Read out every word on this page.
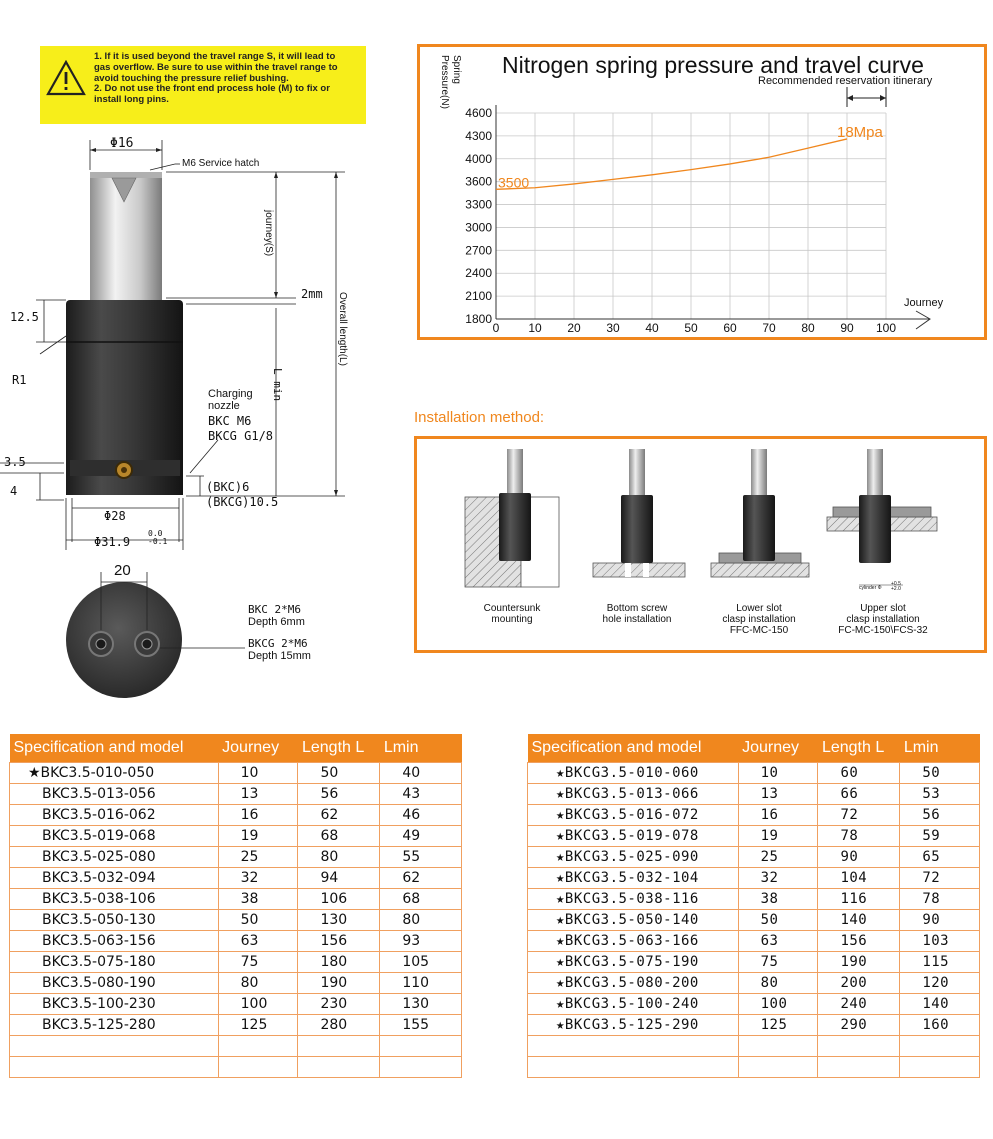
1. If it is used beyond the travel range S, it will lead to
gas overflow. Be sure to use within the travel range to
avoid touching the pressure relief bushing.
2. Do not use the front end process hole (M) to fix or
install long pins.
Φ16
M6 Service hatch
journey(S)
2mm Overall length(L)
L min
12.5
R1
Charging
nozzle
BKC M6
BKCG G1/8
3.5
4	(BKC)6
(BKCG)10.5
Φ28
Φ31.9
0.0
-0.1
20
BKC 2*M6
Depth 6mm
BKCG 2*M6
Depth 15mm
Nitrogen spring pressure and travel curve
Recommended reservation itinerary
Spring
Pressure(N)
Journey
0 10 20 30 40 50 60 70 80 90 100
1800
2100
2400
2700
3000
3300
3600
4000
4300
4600
3500
18Mpa
Installation method:
Countersunk
mounting
Bottom screw
hole installation
Lower slot
clasp installation
FFC-MC-150
Upper slot
clasp installation
FC-MC-150\FCS-32
cylinder Φ
+0.5
+2.0
Specification and model	Journey	Length L	Lmin
★BKC3.5-010-050	10	50	40
BKC3.5-013-056	13	56	43
BKC3.5-016-062	16	62	46
BKC3.5-019-068	19	68	49
BKC3.5-025-080	25	80	55
BKC3.5-032-094	32	94	62
BKC3.5-038-106	38	106	68
BKC3.5-050-130	50	130	80
BKC3.5-063-156	63	156	93
BKC3.5-075-180	75	180	105
BKC3.5-080-190	80	190	110
BKC3.5-100-230	100	230	130
BKC3.5-125-280	125	280	155

Specification and model	Journey	Length L	Lmin
★BKCG3.5-010-060	10	60	50
★BKCG3.5-013-066	13	66	53
★BKCG3.5-016-072	16	72	56
★BKCG3.5-019-078	19	78	59
★BKCG3.5-025-090	25	90	65
★BKCG3.5-032-104	32	104	72
★BKCG3.5-038-116	38	116	78
★BKCG3.5-050-140	50	140	90
★BKCG3.5-063-166	63	156	103
★BKCG3.5-075-190	75	190	115
★BKCG3.5-080-200	80	200	120
★BKCG3.5-100-240	100	240	140
★BKCG3.5-125-290	125	290	160
